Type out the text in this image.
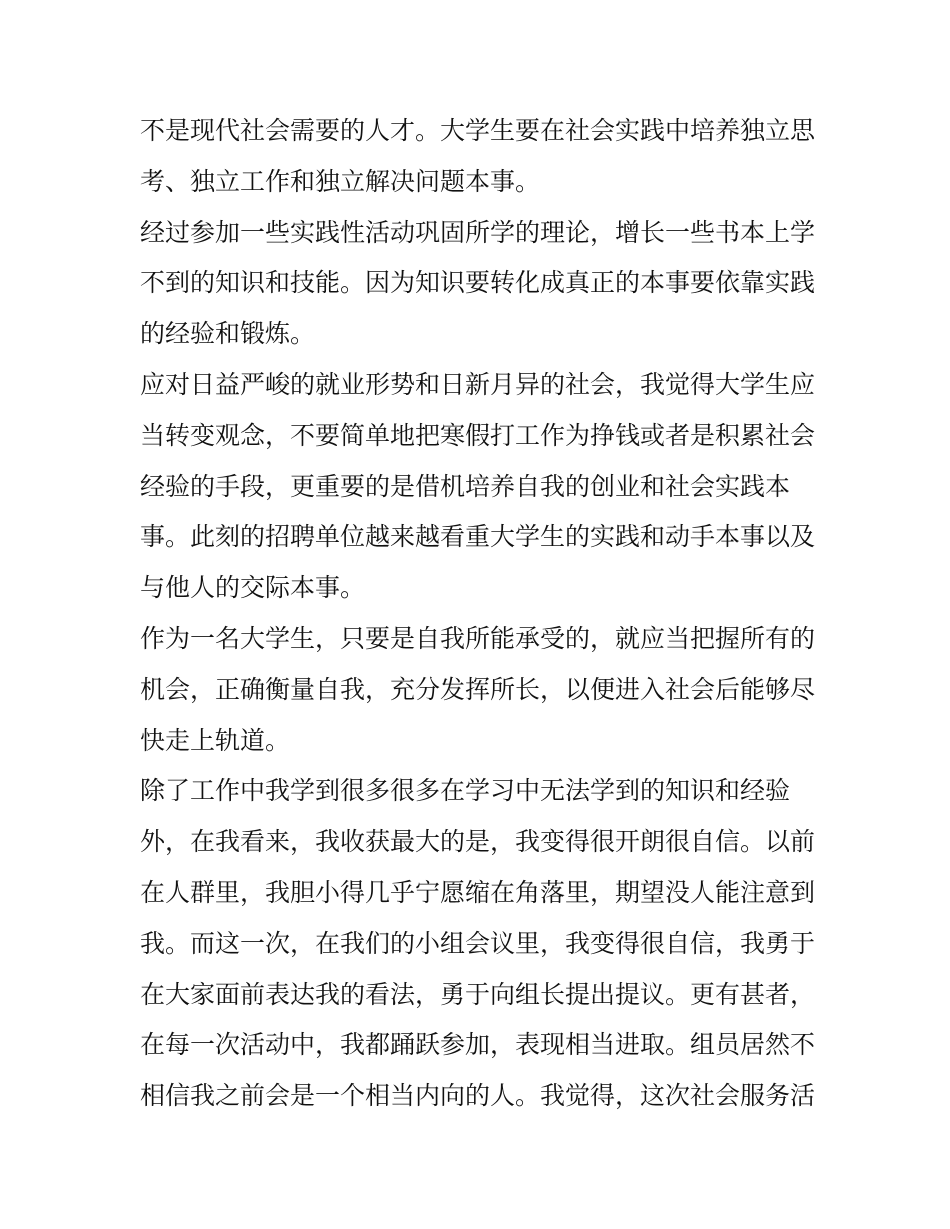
不是现代社会需要的人才。大学生要在社会实践中培养独立思
考、独立工作和独立解决问题本事。
经过参加一些实践性活动巩固所学的理论，增长一些书本上学
不到的知识和技能。因为知识要转化成真正的本事要依靠实践
的经验和锻炼。
应对日益严峻的就业形势和日新月异的社会，我觉得大学生应
当转变观念，不要简单地把寒假打工作为挣钱或者是积累社会
经验的手段，更重要的是借机培养自我的创业和社会实践本
事。此刻的招聘单位越来越看重大学生的实践和动手本事以及
与他人的交际本事。
作为一名大学生，只要是自我所能承受的，就应当把握所有的
机会，正确衡量自我，充分发挥所长，以便进入社会后能够尽
快走上轨道。
除了工作中我学到很多很多在学习中无法学到的知识和经验
外，在我看来，我收获最大的是，我变得很开朗很自信。以前
在人群里，我胆小得几乎宁愿缩在角落里，期望没人能注意到
我。而这一次，在我们的小组会议里，我变得很自信，我勇于
在大家面前表达我的看法，勇于向组长提出提议。更有甚者，
在每一次活动中，我都踊跃参加，表现相当进取。组员居然不
相信我之前会是一个相当内向的人。我觉得，这次社会服务活
